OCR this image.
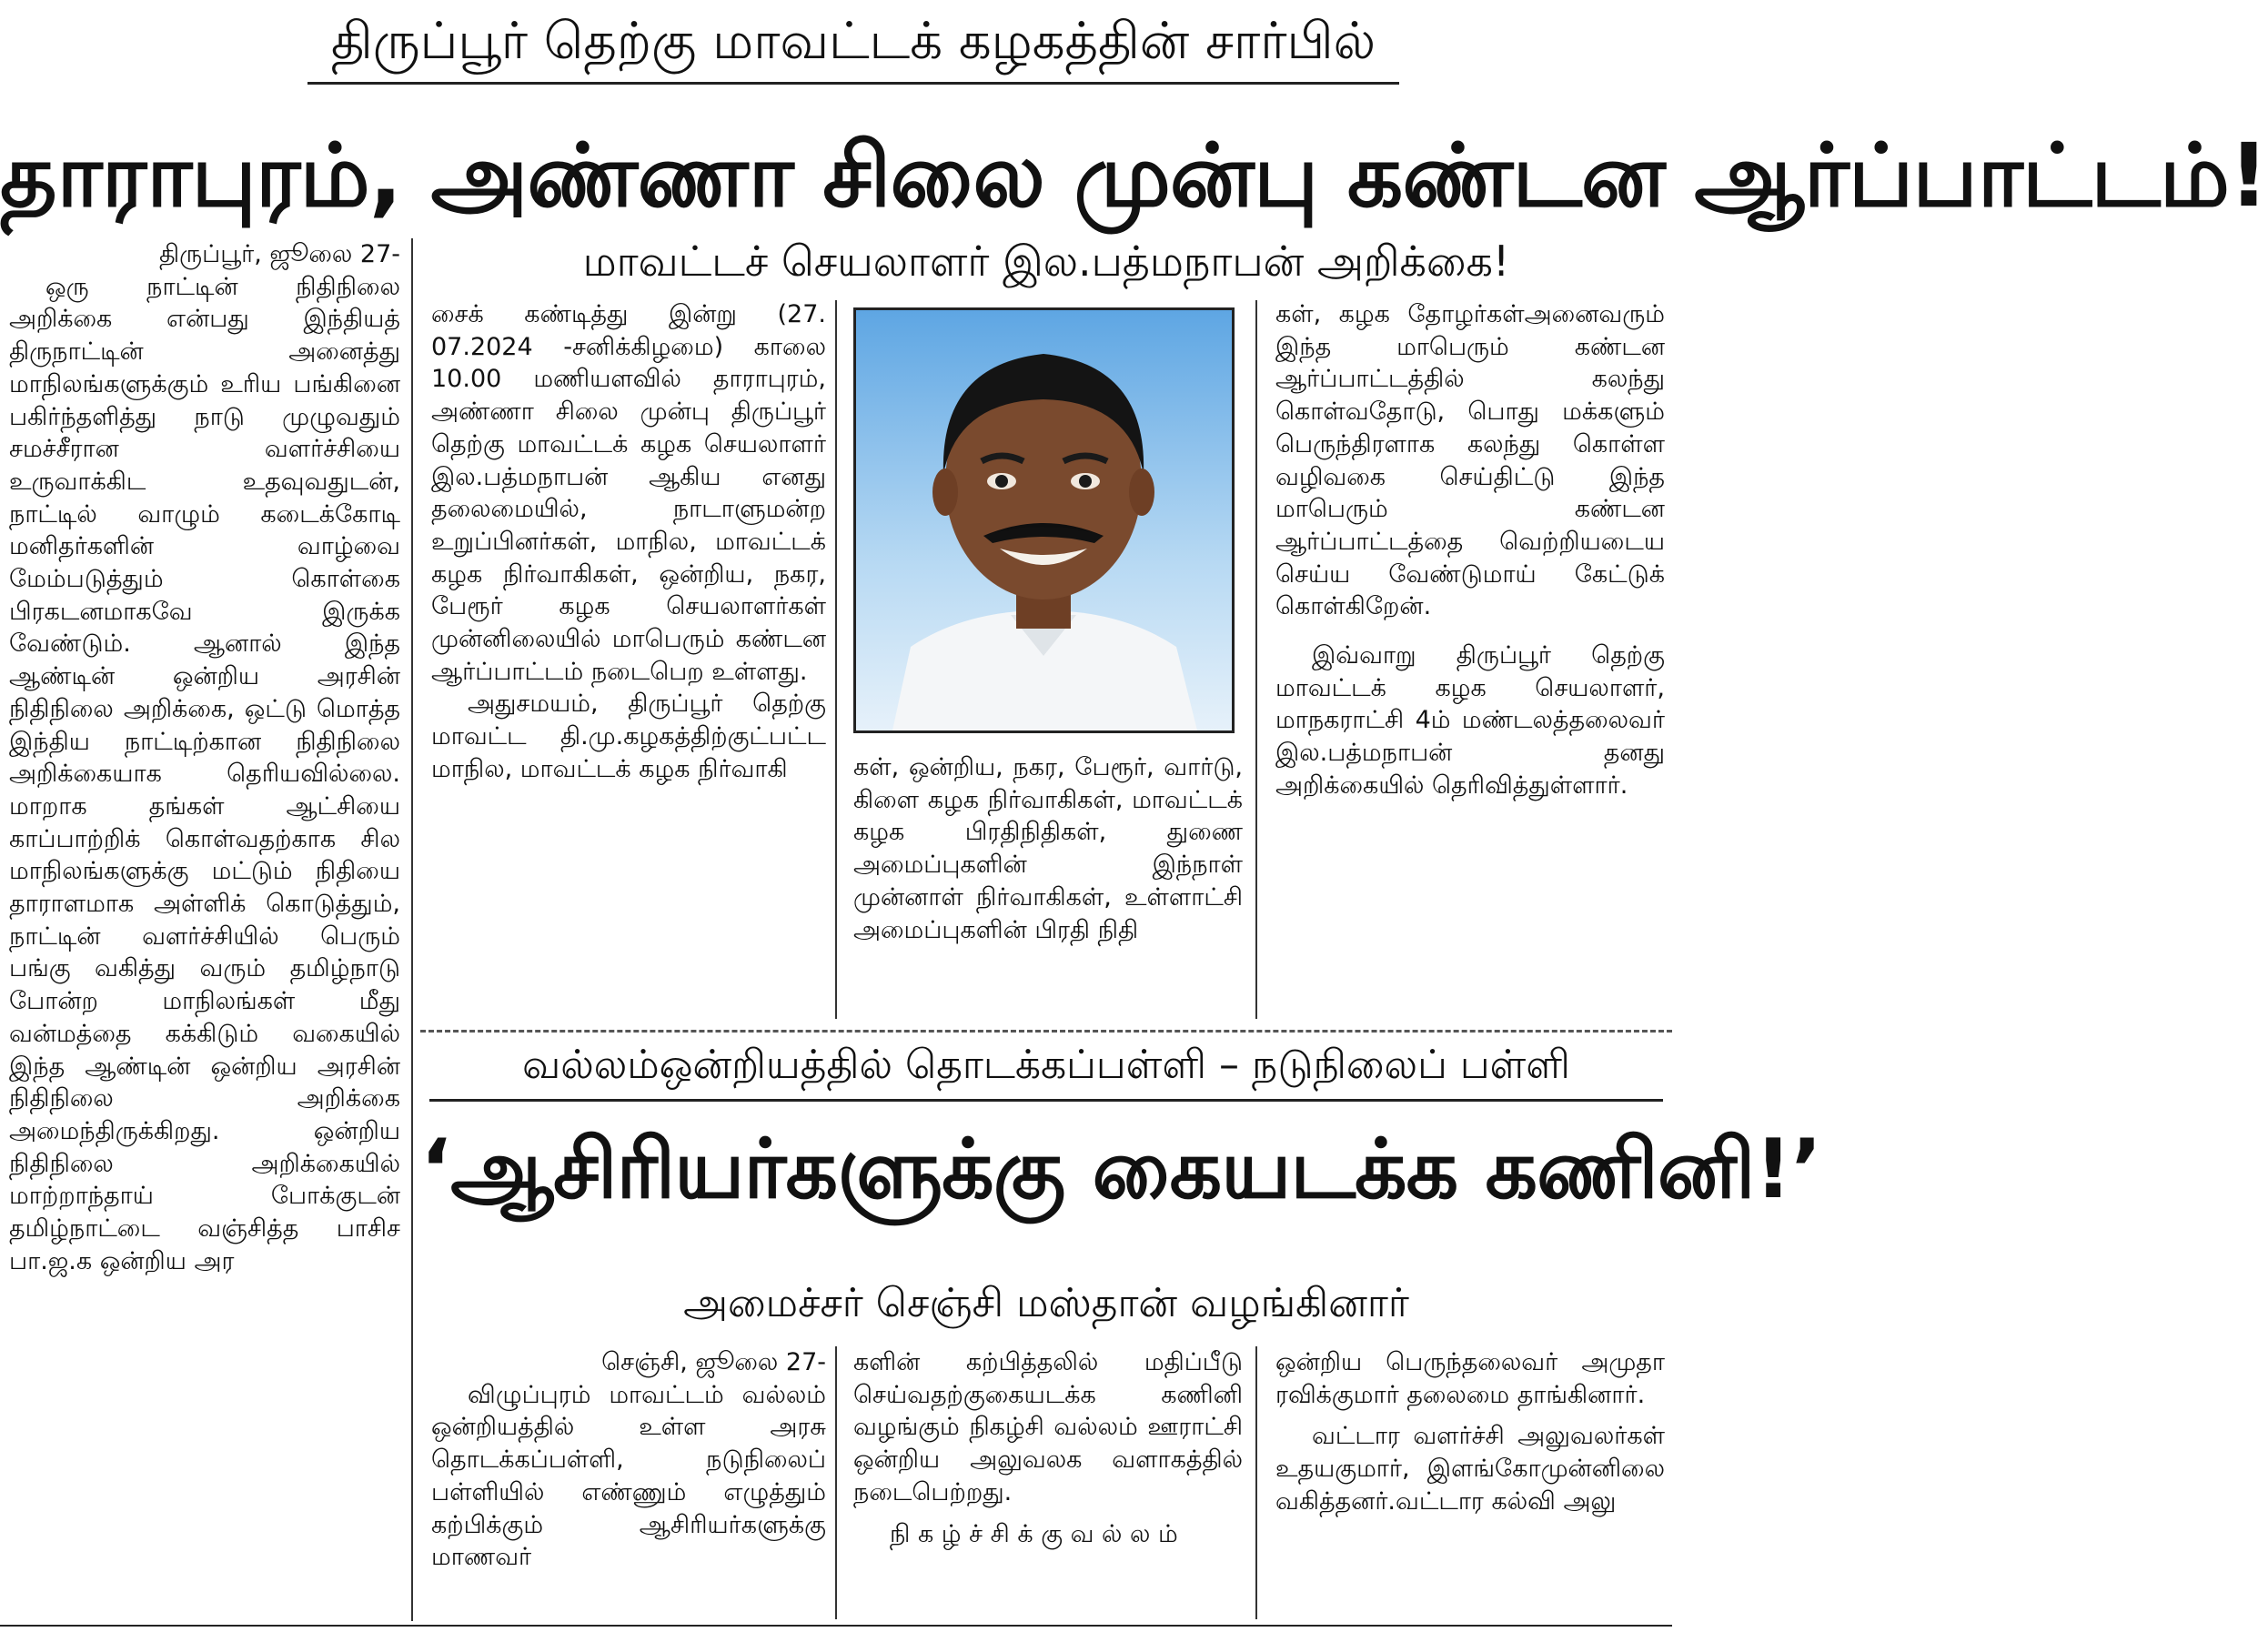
திருப்பூர் தெற்கு மாவட்டக் கழகத்தின் சார்பில்
தாராபுரம், அண்ணா சிலை முன்பு கண்டன ஆர்ப்பாட்டம்!
மாவட்டச் செயலாளர் இல.பத்மநாபன் அறிக்கை!

திருப்பூர், ஜூலை 27-

ஒரு நாட்டின் நிதிநிலை அறிக்கை என்பது இந்தியத் திருநாட்டின் அனைத்து மாநிலங்களுக்கும் உரிய பங்கினை பகிர்ந்தளித்து நாடு முழுவதும் சமச்சீரான வளர்ச்சியை உருவாக்கிட உதவுவதுடன், நாட்டில் வாழும் கடைக்கோடி மனிதர்களின் வாழ்வை மேம்படுத்தும் கொள்கை பிரகடனமாகவே இருக்க வேண்டும். ஆனால் இந்த ஆண்டின் ஒன்றிய அரசின் நிதிநிலை அறிக்கை, ஒட்டு மொத்த இந்திய நாட்டிற்கான நிதிநிலை அறிக்கையாக தெரியவில்லை. மாறாக தங்கள் ஆட்சியை காப்பாற்றிக் கொள்வதற்காக சில மாநிலங்களுக்கு மட்டும் நிதியை தாராளமாக அள்ளிக் கொடுத்தும், நாட்டின் வளர்ச்சியில் பெரும் பங்கு வகித்து வரும் தமிழ்நாடு போன்ற மாநிலங்கள் மீது வன்மத்தை கக்கிடும் வகையில் இந்த ஆண்டின் ஒன்றிய அரசின் நிதிநிலை அறிக்கை அமைந்திருக்கிறது. ஒன்றிய நிதிநிலை அறிக்கையில் மாற்றாந்தாய் போக்குடன் தமிழ்நாட்டை வஞ்சித்த பாசிச பா.ஜ.க ஒன்றிய அர

சைக் கண்டித்து இன்று (27. 07.2024 -சனிக்கிழமை) காலை 10.00 மணியளவில் தாராபுரம், அண்ணா சிலை முன்பு திருப்பூர் தெற்கு மாவட்டக் கழக செயலாளர் இல.பத்மநாபன் ஆகிய எனது தலைமையில், நாடாளுமன்ற உறுப்பினர்கள், மாநில, மாவட்டக் கழக நிர்வாகிகள், ஒன்றிய, நகர, பேரூர் கழக செயலாளர்கள் முன்னிலையில் மாபெரும் கண்டன ஆர்ப்பாட்டம் நடைபெற உள்ளது.

அதுசமயம், திருப்பூர் தெற்கு மாவட்ட தி.மு.கழகத்திற்குட்பட்ட மாநில, மாவட்டக் கழக நிர்வாகி	கள், ஒன்றிய, நகர, பேரூர், வார்டு, கிளை கழக நிர்வாகிகள், மாவட்டக் கழக பிரதிநிதிகள், துணை அமைப்புகளின் இந்நாள் முன்னாள் நிர்வாகிகள், உள்ளாட்சி அமைப்புகளின் பிரதி நிதி

கள், கழக தோழர்கள்அனைவரும் இந்த மாபெரும் கண்டன ஆர்ப்பாட்டத்தில் கலந்து கொள்வதோடு, பொது மக்களும் பெருந்திரளாக கலந்து கொள்ள வழிவகை செய்திட்டு இந்த மாபெரும் கண்டன ஆர்ப்பாட்டத்தை வெற்றியடைய செய்ய வேண்டுமாய் கேட்டுக் கொள்கிறேன்.

இவ்வாறு திருப்பூர் தெற்கு மாவட்டக் கழக செயலாளர், மாநகராட்சி 4ம் மண்டலத்தலைவர் இல.பத்மநாபன் தனது அறிக்கையில் தெரிவித்துள்ளார்.

வல்லம்ஒன்றியத்தில் தொடக்கப்பள்ளி – நடுநிலைப் பள்ளி
‘ஆசிரியர்களுக்கு கையடக்க கணினி!’
அமைச்சர் செஞ்சி மஸ்தான் வழங்கினார்

செஞ்சி, ஜூலை 27-

விழுப்புரம் மாவட்டம் வல்லம் ஒன்றியத்தில் உள்ள அரசு தொடக்கப்பள்ளி, நடுநிலைப் பள்ளியில் எண்ணும் எழுத்தும் கற்பிக்கும் ஆசிரியர்களுக்கு மாணவர்

களின் கற்பித்தலில் மதிப்பீடு செய்வதற்குகையடக்க கணினி வழங்கும் நிகழ்சி வல்லம் ஊராட்சி ஒன்றிய அலுவலக வளாகத்தில் நடைபெற்றது.

நி க ழ் ச் சி க் கு வ ல் ல ம்

ஒன்றிய பெருந்தலைவர் அமுதா ரவிக்குமார் தலைமை தாங்கினார்.

வட்டார வளர்ச்சி அலுவலர்கள் உதயகுமார், இளங்கோமுன்னிலை வகித்தனர்.வட்டார கல்வி அலு
